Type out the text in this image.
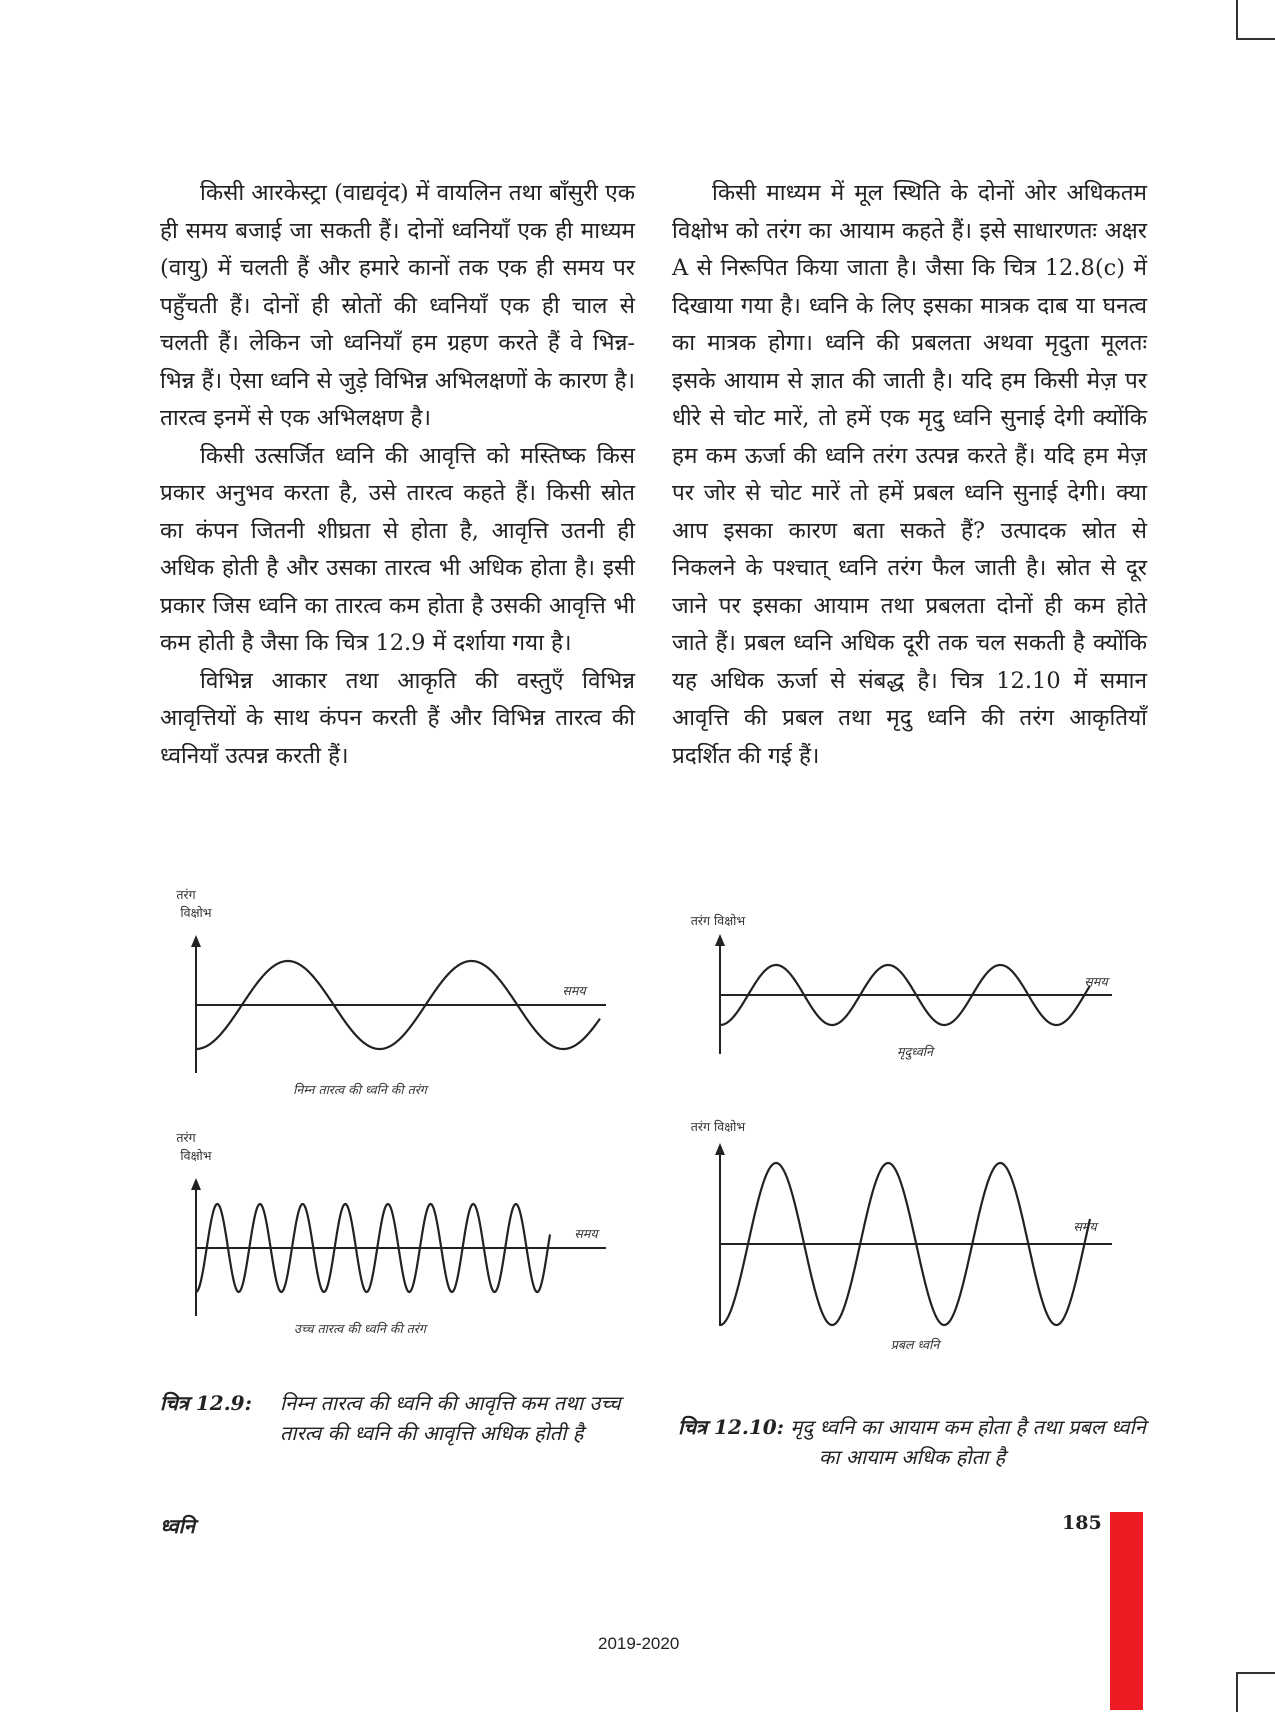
किसी आरकेस्ट्रा (वाद्यवृंद) में वायलिन तथा बाँसुरी एक ही समय बजाई जा सकती हैं। दोनों ध्वनियाँ एक ही माध्यम (वायु) में चलती हैं और हमारे कानों तक एक ही समय पर पहुँचती हैं। दोनों ही स्रोतों की ध्वनियाँ एक ही चाल से चलती हैं। लेकिन जो ध्वनियाँ हम ग्रहण करते हैं वे भिन्न-भिन्न हैं। ऐसा ध्वनि से जुड़े विभिन्न अभिलक्षणों के कारण है। तारत्व इनमें से एक अभिलक्षण है।

किसी उत्सर्जित ध्वनि की आवृत्ति को मस्तिष्क किस प्रकार अनुभव करता है, उसे तारत्व कहते हैं। किसी स्रोत का कंपन जितनी शीघ्रता से होता है, आवृत्ति उतनी ही अधिक होती है और उसका तारत्व भी अधिक होता है। इसी प्रकार जिस ध्वनि का तारत्व कम होता है उसकी आवृत्ति भी कम होती है जैसा कि चित्र 12.9 में दर्शाया गया है।

विभिन्न आकार तथा आकृति की वस्तुएँ विभिन्न आवृत्तियों के साथ कंपन करती हैं और विभिन्न तारत्व की ध्वनियाँ उत्पन्न करती हैं।

किसी माध्यम में मूल स्थिति के दोनों ओर अधिकतम विक्षोभ को तरंग का आयाम कहते हैं। इसे साधारणतः अक्षर A से निरूपित किया जाता है। जैसा कि चित्र 12.8(c) में दिखाया गया है। ध्वनि के लिए इसका मात्रक दाब या घनत्व का मात्रक होगा। ध्वनि की प्रबलता अथवा मृदुता मूलतः इसके आयाम से ज्ञात की जाती है। यदि हम किसी मेज़ पर धीरे से चोट मारें, तो हमें एक मृदु ध्वनि सुनाई देगी क्योंकि हम कम ऊर्जा की ध्वनि तरंग उत्पन्न करते हैं। यदि हम मेज़ पर जोर से चोट मारें तो हमें प्रबल ध्वनि सुनाई देगी। क्या आप इसका कारण बता सकते हैं? उत्पादक स्रोत से निकलने के पश्चात् ध्वनि तरंग फैल जाती है। स्रोत से दूर जाने पर इसका आयाम तथा प्रबलता दोनों ही कम होते जाते हैं। प्रबल ध्वनि अधिक दूरी तक चल सकती है क्योंकि यह अधिक ऊर्जा से संबद्ध है। चित्र 12.10 में समान आवृत्ति की प्रबल तथा मृदु ध्वनि की तरंग आकृतियाँ प्रदर्शित की गई हैं।

तरंग
विक्षोभ
समय
निम्न तारत्व की ध्वनि की तरंग
तरंग
विक्षोभ
समय
उच्च तारत्व की ध्वनि की तरंग
तरंग विक्षोभ
समय
मृदुध्वनि
तरंग विक्षोभ
समय
प्रबल ध्वनि
चित्र 12.9: निम्न तारत्व की ध्वनि की आवृत्ति कम तथा उच्च तारत्व की ध्वनि की आवृत्ति अधिक होती है	चित्र 12.10: मृदु ध्वनि का आयाम कम होता है तथा प्रबल ध्वनि का आयाम अधिक होता है
ध्वनि	185
2019-2020
